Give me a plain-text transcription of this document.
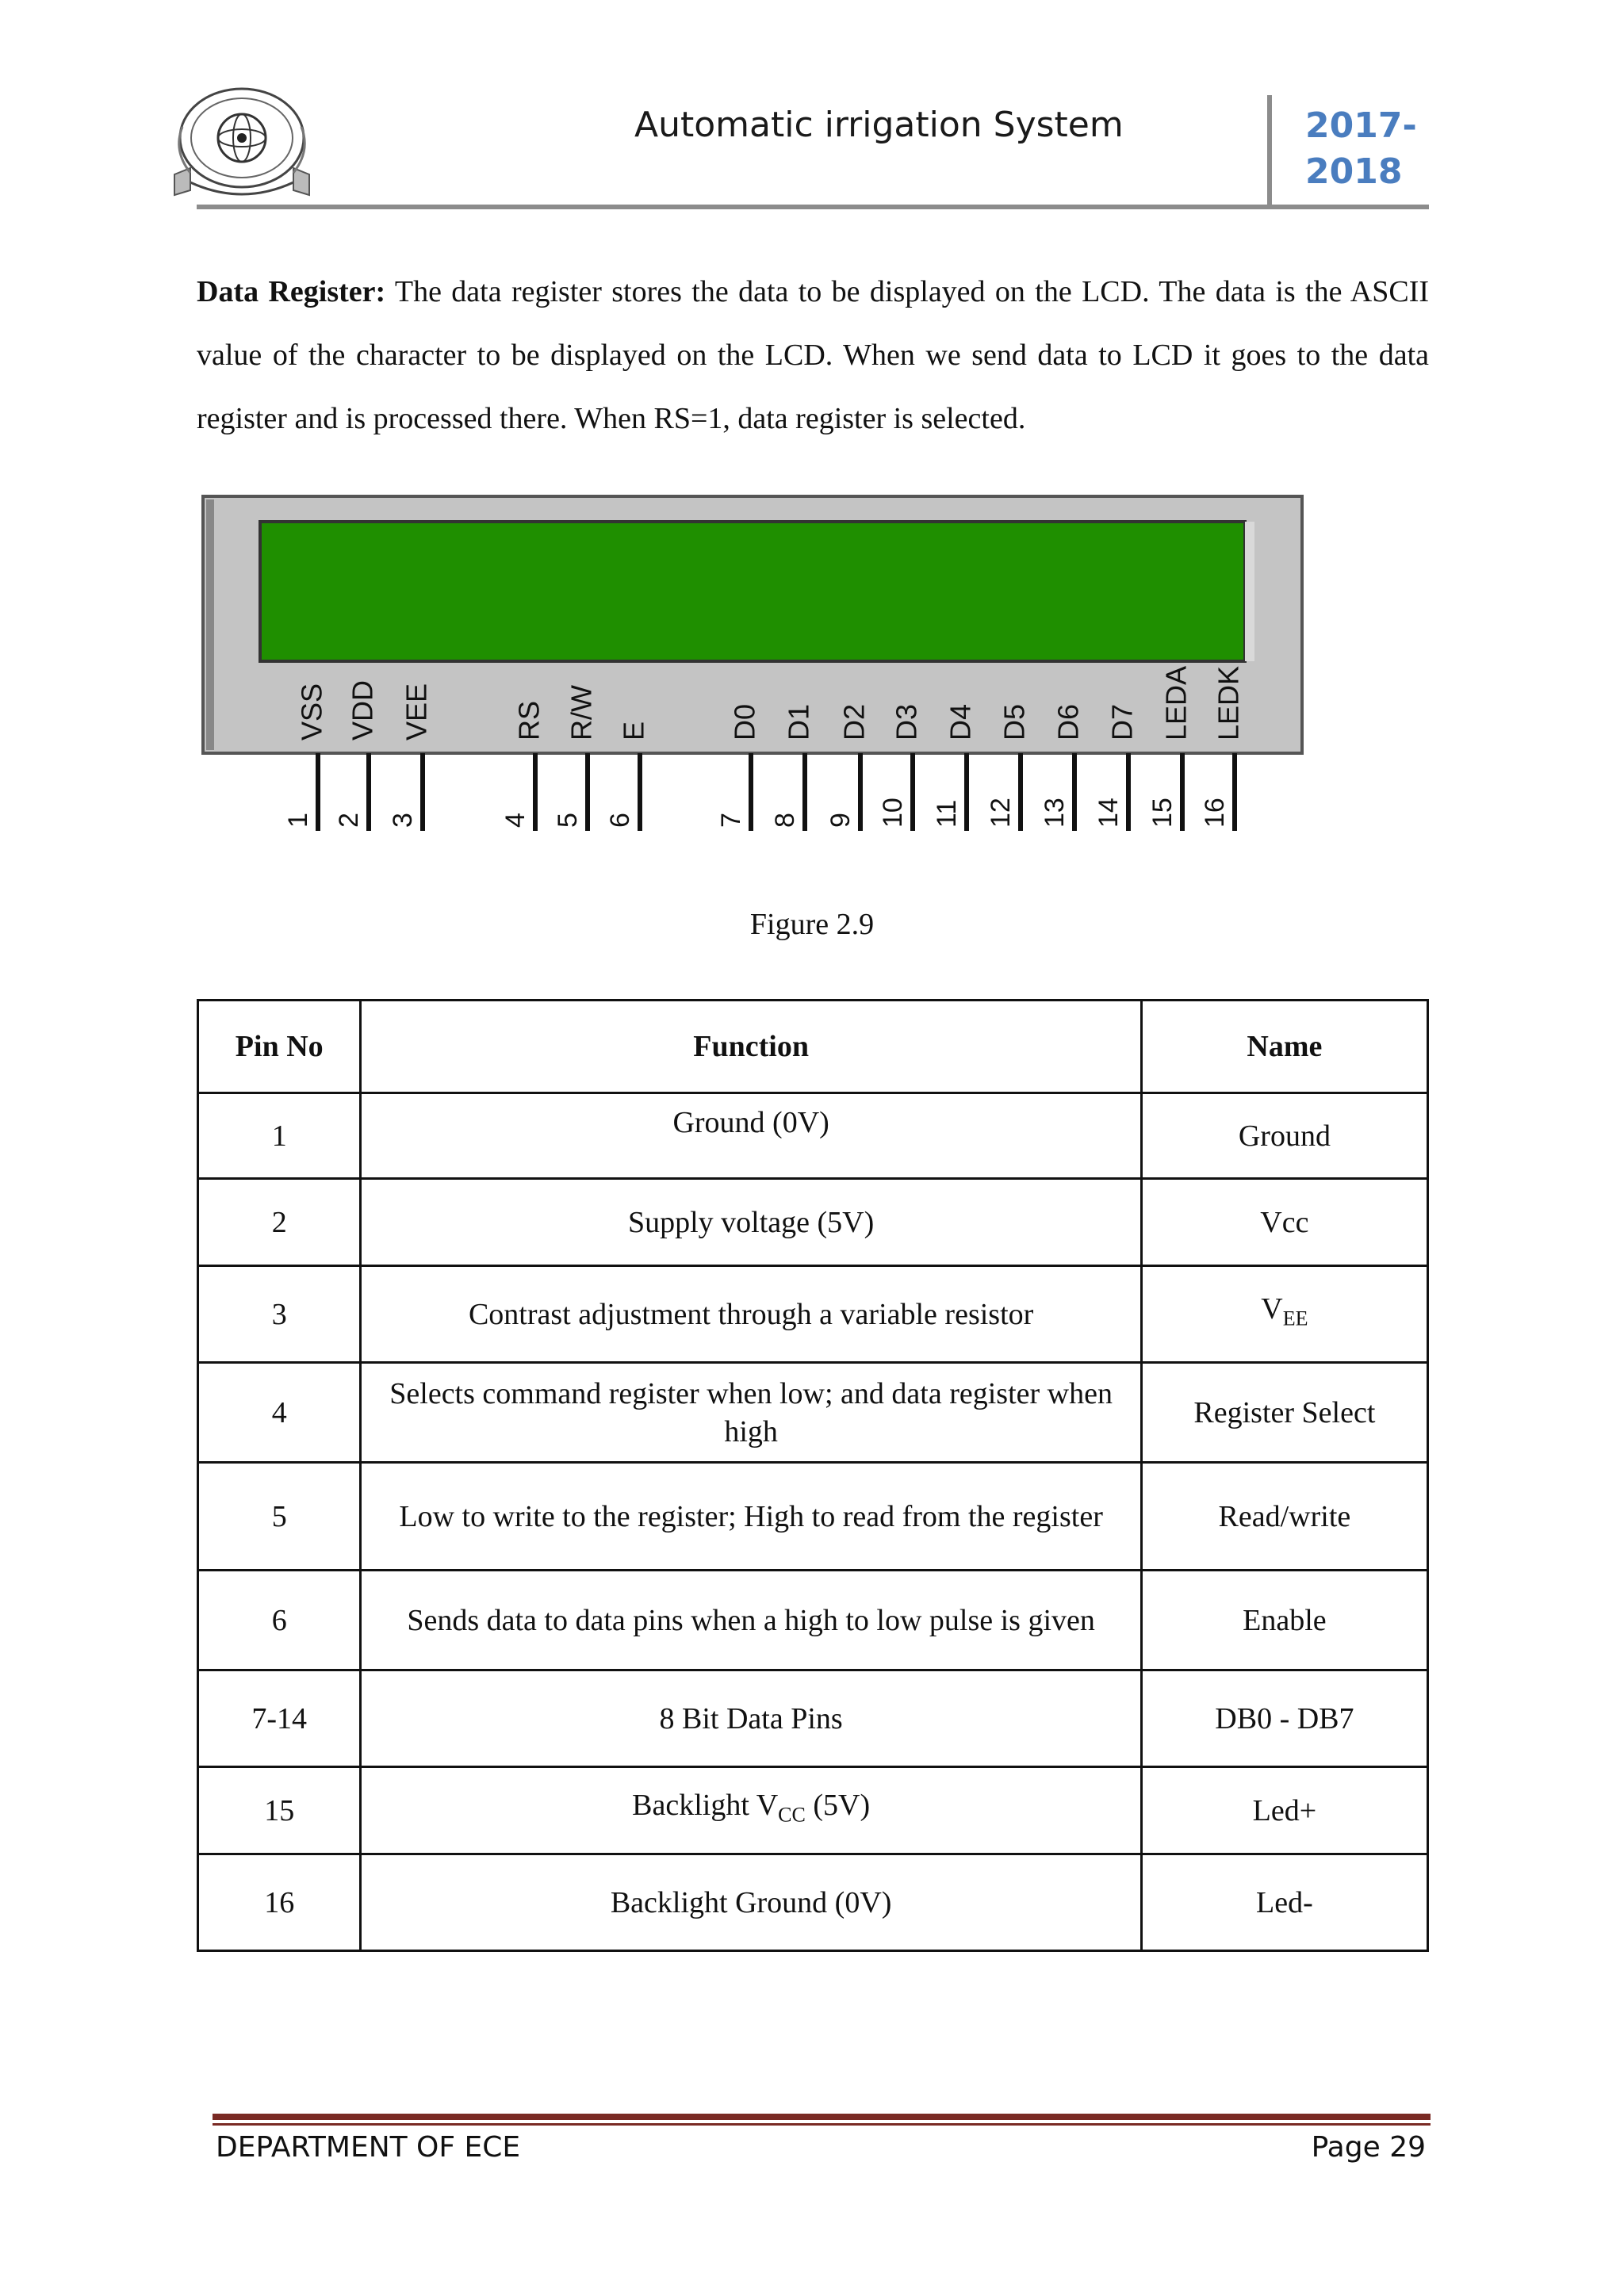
Automatic irrigation System	2017-
2018
Data Register: The data register stores the data to be displayed on the LCD. The data is the ASCII value of the character to be displayed on the LCD. When we send data to LCD it goes to the data register and is processed there. When RS=1, data register is selected.
VSS
1
VDD
2
VEE
3
RS
4
R/W
5
E
6
D0
7
D1
8
D2
9
D3
10
D4
11
D5
12
D6
13
D7
14
LEDA
15
LEDK
16
Figure 2.9
Pin No	Function	Name
1	Ground (0V)	Ground
2	Supply voltage (5V)	Vcc
3	Contrast adjustment through a variable resistor	$V_{EE}$
4	Selects command register when low; and data register when high	Register Select
5	Low to write to the register; High to read from the register	Read/write
6	Sends data to data pins when a high to low pulse is given	Enable
7-14	8 Bit Data Pins	DB0 - DB7
15	Backlight $V_{CC}$ (5V)	Led+
16	Backlight Ground (0V)	Led-
DEPARTMENT OF ECE	Page 29
